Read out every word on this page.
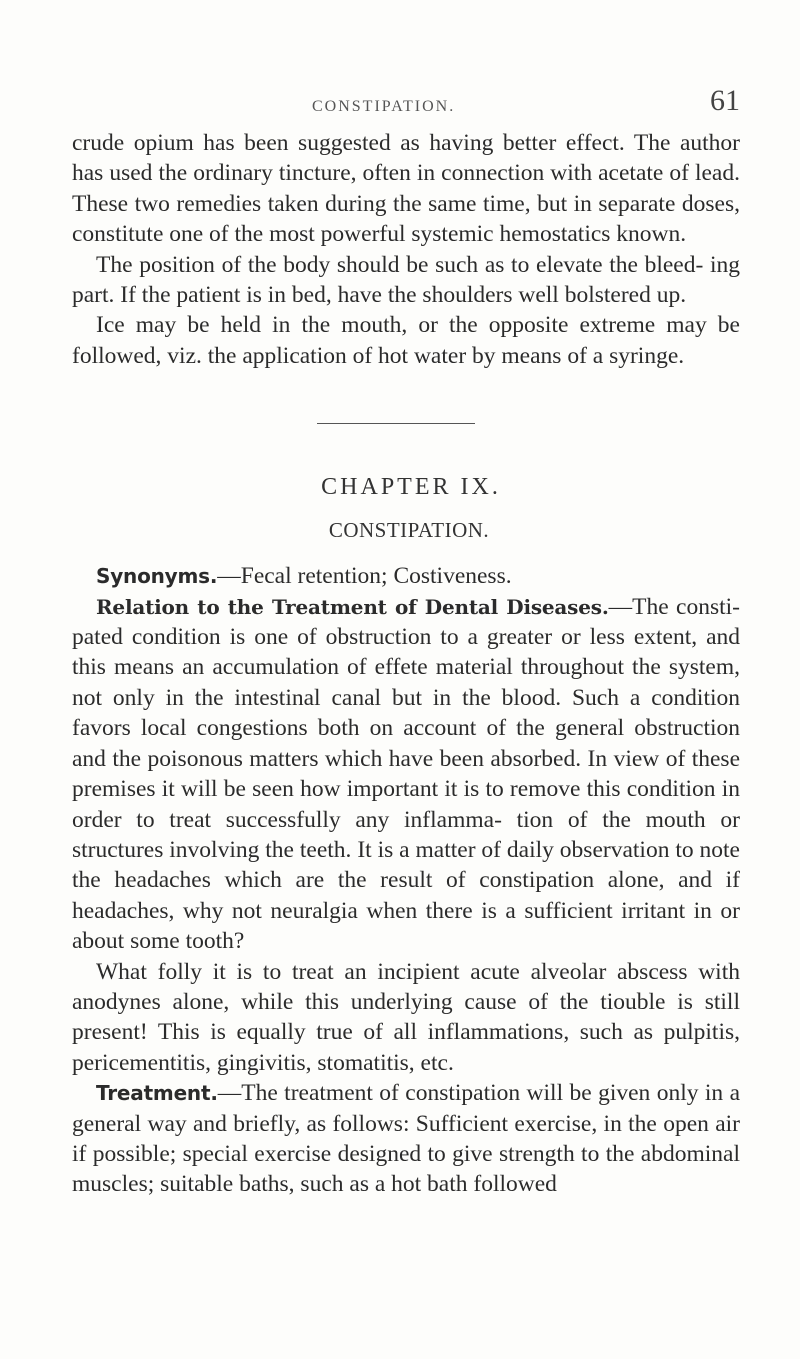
CONSTIPATION.	61

crude opium has been suggested as having better effect. The author has used the ordinary tincture, often in connection with acetate of lead. These two remedies taken during the same time, but in separate doses, constitute one of the most powerful systemic hemostatics known.

The position of the body should be such as to elevate the bleed- ing part. If the patient is in bed, have the shoulders well bolstered up.

Ice may be held in the mouth, or the opposite extreme may be followed, viz. the application of hot water by means of a syringe.

CHAPTER IX.
CONSTIPATION.

Synonyms.—Fecal retention; Costiveness.

Relation to the Treatment of Dental Diseases.—The consti- pated condition is one of obstruction to a greater or less extent, and this means an accumulation of effete material throughout the system, not only in the intestinal canal but in the blood. Such a condition favors local congestions both on account of the general obstruction and the poisonous matters which have been absorbed. In view of these premises it will be seen how important it is to remove this condition in order to treat successfully any inflamma- tion of the mouth or structures involving the teeth. It is a matter of daily observation to note the headaches which are the result of constipation alone, and if headaches, why not neuralgia when there is a sufficient irritant in or about some tooth?

What folly it is to treat an incipient acute alveolar abscess with anodynes alone, while this underlying cause of the tiouble is still present! This is equally true of all inflammations, such as pulpitis, pericementitis, gingivitis, stomatitis, etc.

Treatment.—The treatment of constipation will be given only in a general way and briefly, as follows: Sufficient exercise, in the open air if possible; special exercise designed to give strength to the abdominal muscles; suitable baths, such as a hot bath followed
